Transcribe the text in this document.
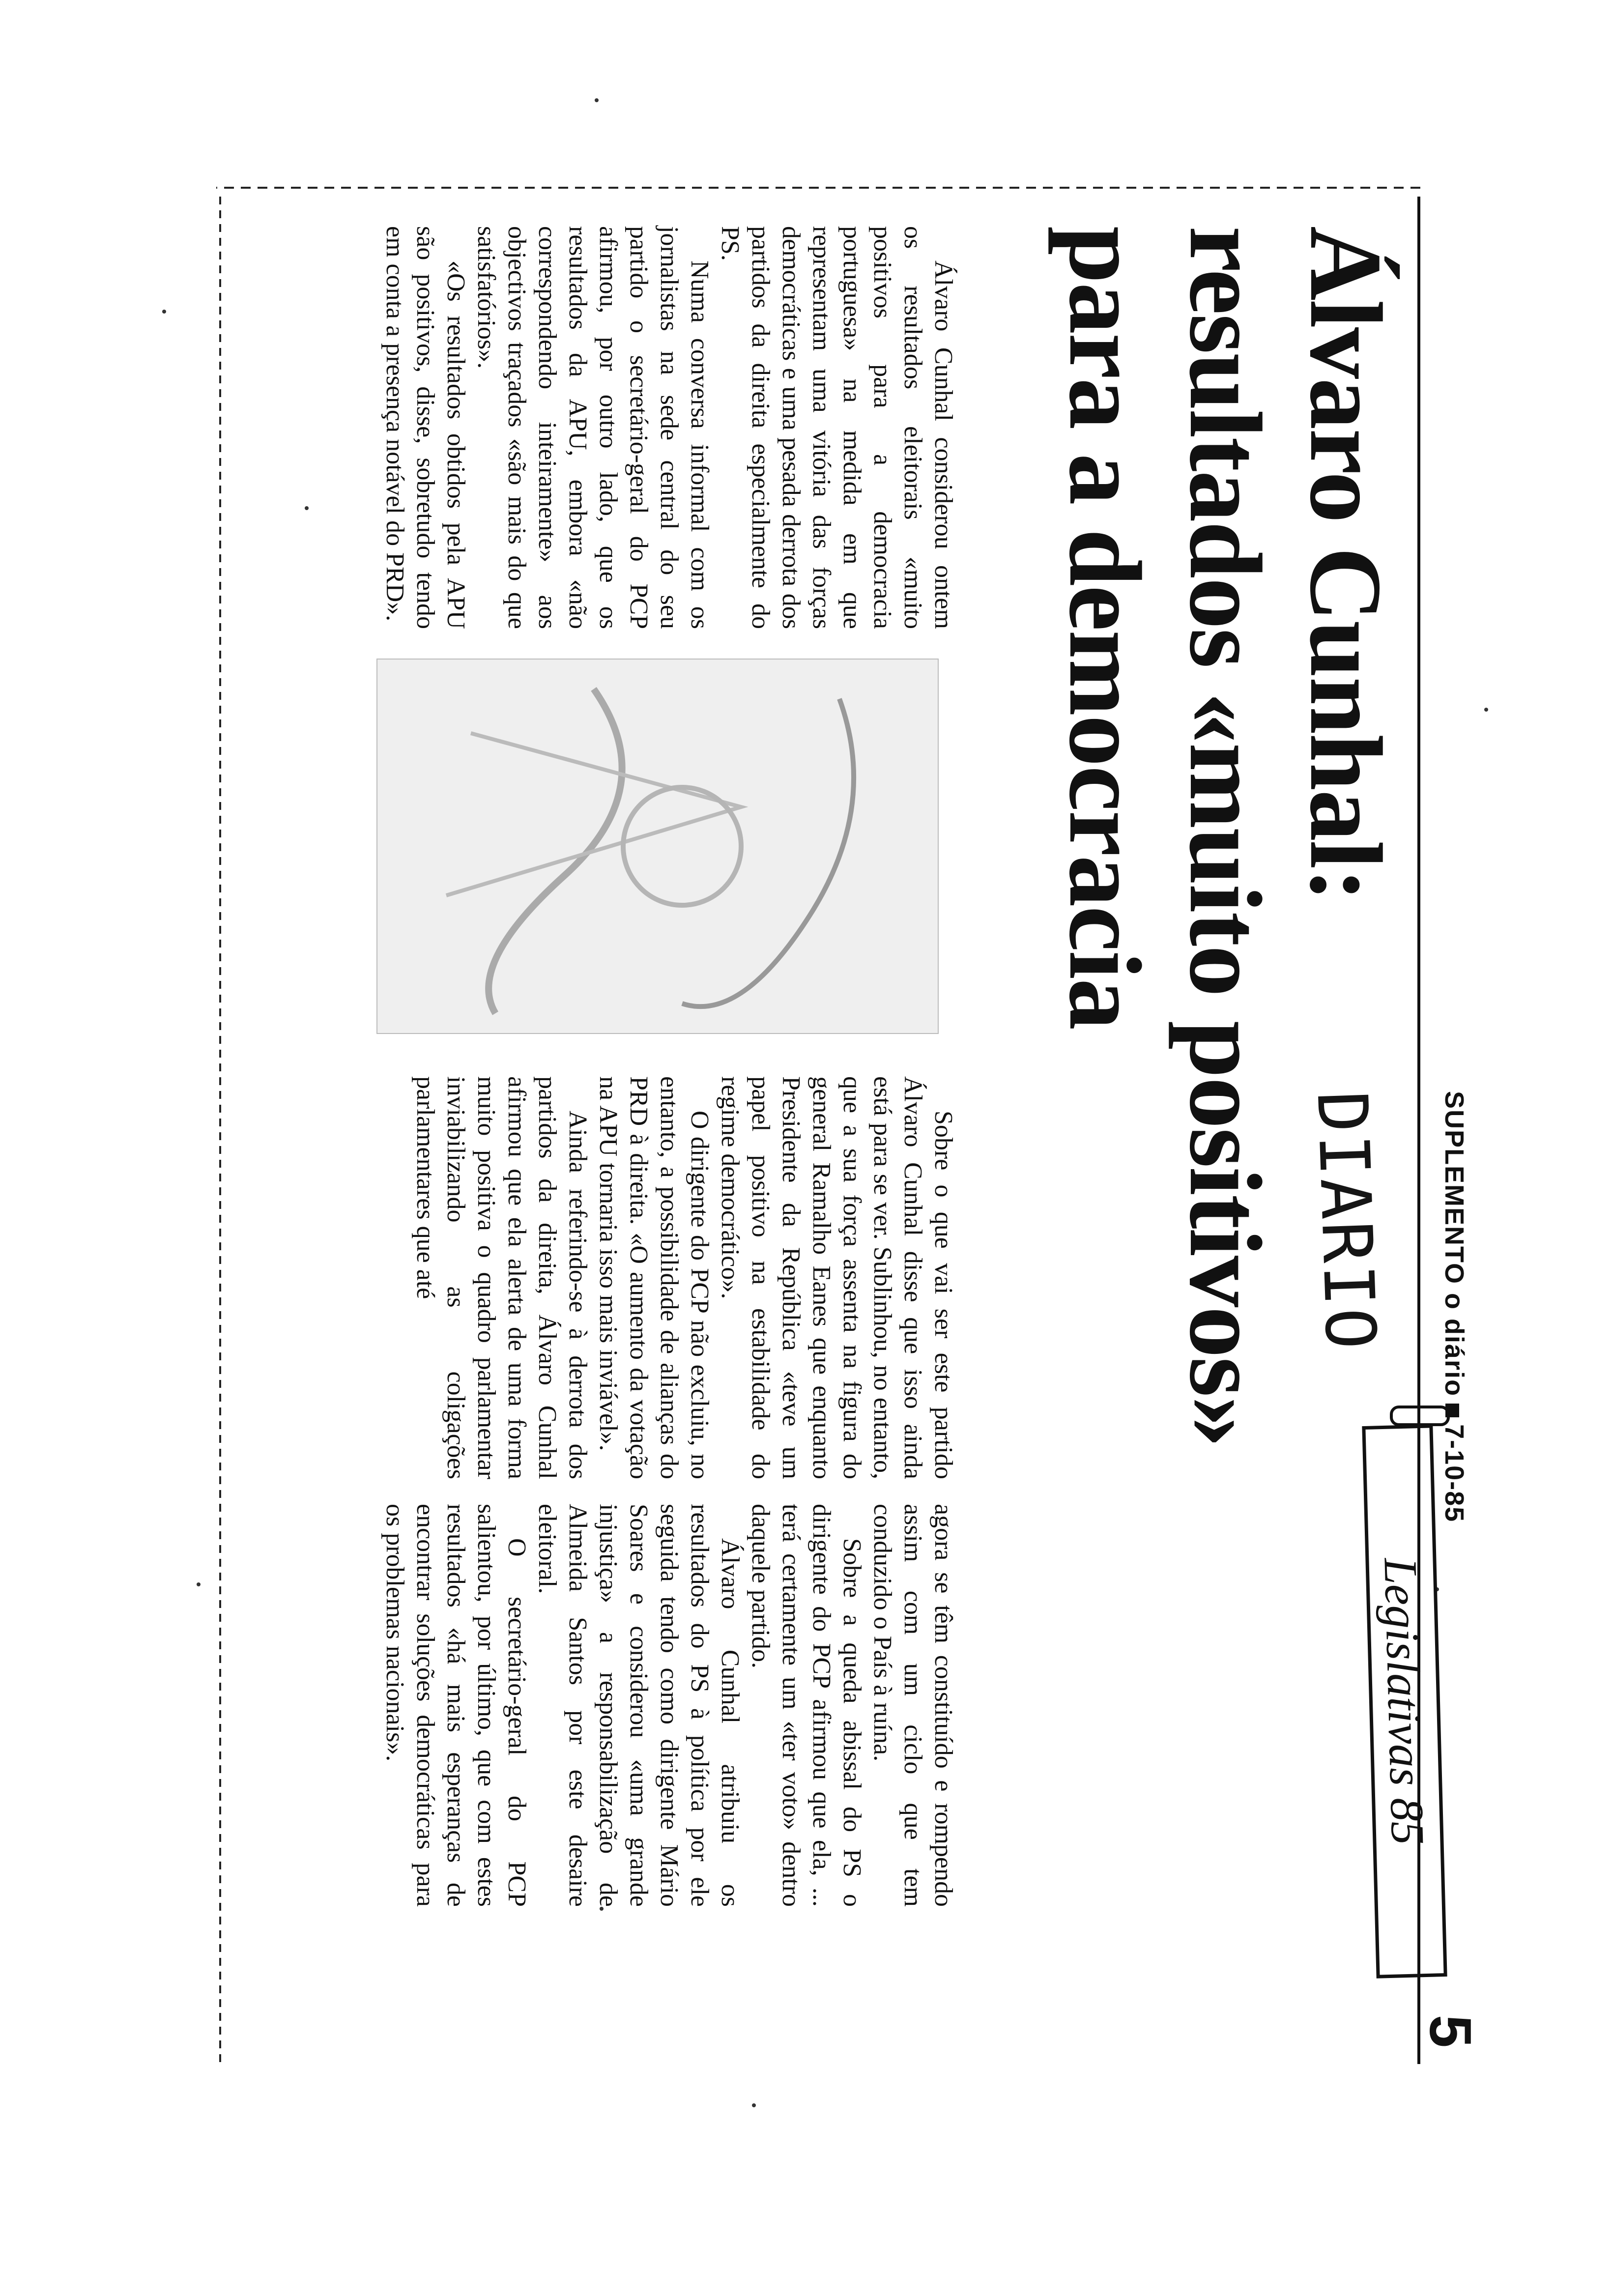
SUPLEMENTO o diário7-10-85
Legislativas 85
5
Álvaro Cunhal:
resultados «muito positivos»
para a democracia
DIARIO

Álvaro Cunhal considerou ontem os resultados eleitorais «muito positivos para a democracia portuguesa» na medida em que representam uma vitória das forças democráticas e uma pesada derrota dos partidos da direita especialmente do PS.

Numa conversa informal com os jornalistas na sede central do seu partido o secretário-geral do PCP afirmou, por outro lado, que os resultados da APU, embora «não correspondendo inteiramente» aos objectivos traçados «são mais do que satisfatórios».

«Os resultados obtidos pela APU são positivos, disse, sobretudo tendo em conta a presença notável do PRD».

Sobre o que vai ser este partido Álvaro Cunhal disse que isso ainda está para se ver. Sublinhou, no entanto, que a sua força assenta na figura do general Ramalho Eanes que enquanto Presidente da República «teve um papel positivo na estabilidade do regime democrático».

O dirigente do PCP não excluiu, no entanto, a possibilidade de alianças do PRD à direita. «O aumento da votação na APU tornaria isso mais inviável».

Ainda referindo-se à derrota dos partidos da direita, Álvaro Cunhal afirmou que ela alerta de uma forma muito positiva o quadro parlamentar inviabilizando as coligações parlamentares que até

agora se têm constituído e rompendo assim com um ciclo que tem conduzido o País à ruína.

Sobre a queda abissal do PS o dirigente do PCP afirmou que ela, ... terá certamente um «ter voto» dentro daquele partido.

Álvaro Cunhal atribuiu os resultados do PS à política por ele seguida tendo como dirigente Mário Soares e considerou «uma grande injustiça» a responsabilização de Almeida Santos por este desaire eleitoral.

O secretário-geral do PCP salientou, por último, que com estes resultados «há mais esperanças de encontrar soluções democráticas para os problemas nacionais».
